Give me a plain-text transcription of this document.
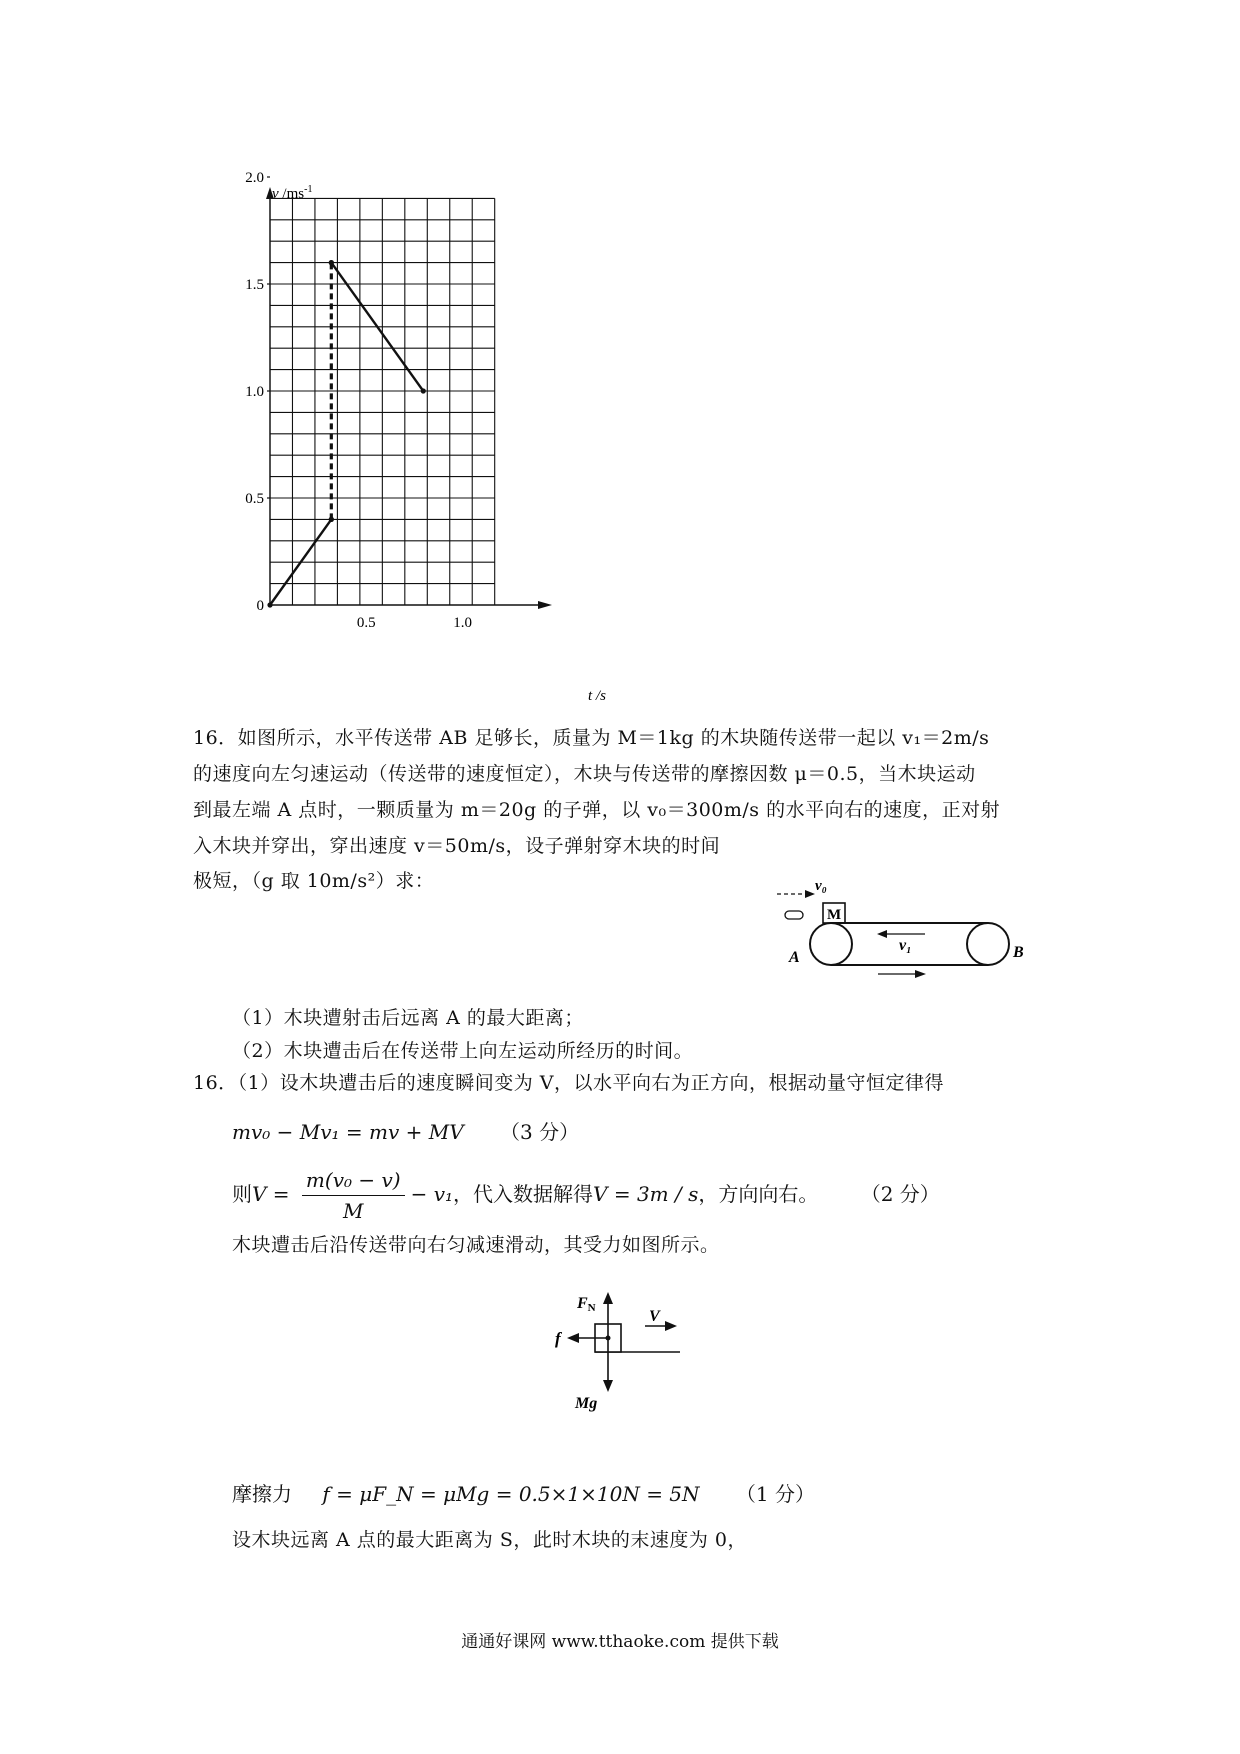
0
0.5
1.0
1.5
2.0
0.5	1.0
v $/ms^{-1}$
t /s
16．如图所示，水平传送带 AB 足够长，质量为 M＝1kg 的木块随传送带一起以 v₁＝2m/s
的速度向左匀速运动（传送带的速度恒定），木块与传送带的摩擦因数 μ＝0.5，当木块运动
到最左端 A 点时，一颗质量为 m＝20g 的子弹，以 v₀＝300m/s 的水平向右的速度，正对射
入木块并穿出，穿出速度 v＝50m/s，设子弹射穿木块的时间
极短，（g 取 10m/s²）求：	v₀
M
v₁
A	B
（1）木块遭射击后远离 A 的最大距离；
（2）木块遭击后在传送带上向左运动所经历的时间。
16．（1）设木块遭击后的速度瞬间变为 V，以水平向右为正方向，根据动量守恒定律得
mv₀ − Mv₁ = mv + MV （3 分）
则$V = \frac{\text{m(v₀ − v)}}{M} - v_1$，代入数据解得V = 3m / s，方向向右。 （2 分）
木块遭击后沿传送带向右匀减速滑动，其受力如图所示。
FN
Mg
f
V
摩擦力 f = μF_N = μMg = 0.5×1×10N = 5N （1 分）
设木块远离 A 点的最大距离为 S，此时木块的末速度为 0，
通通好课网 www.tthaoke.com 提供下载
